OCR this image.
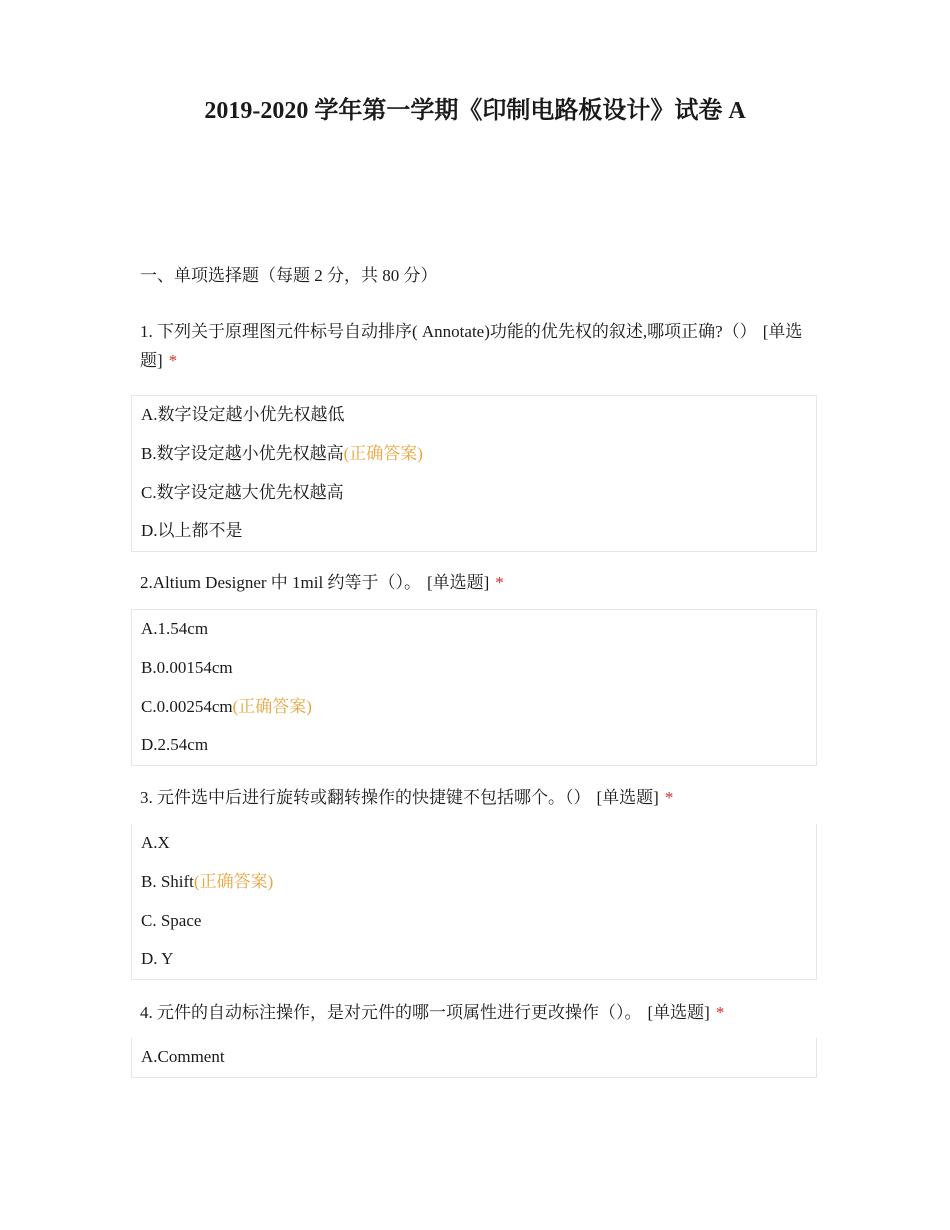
2019-2020 学年第一学期《印制电路板设计》试卷 A

一、单项选择题（每题 2 分，共 80 分）

1. 下列关于原理图元件标号自动排序( Annotate)功能的优先权的叙述,哪项正确?（） [单选题] *
A.数字设定越小优先权越低
B.数字设定越小优先权越高(正确答案)
C.数字设定越大优先权越高
D.以上都不是
2.Altium Designer 中 1mil 约等于（）。 [单选题] *
A.1.54cm
B.0.00154cm
C.0.00254cm(正确答案)
D.2.54cm
3. 元件选中后进行旋转或翻转操作的快捷键不包括哪个。（） [单选题] *
A.X
B. Shift(正确答案)
C. Space
D. Y
4. 元件的自动标注操作，是对元件的哪一项属性进行更改操作（）。 [单选题] *
A.Comment
